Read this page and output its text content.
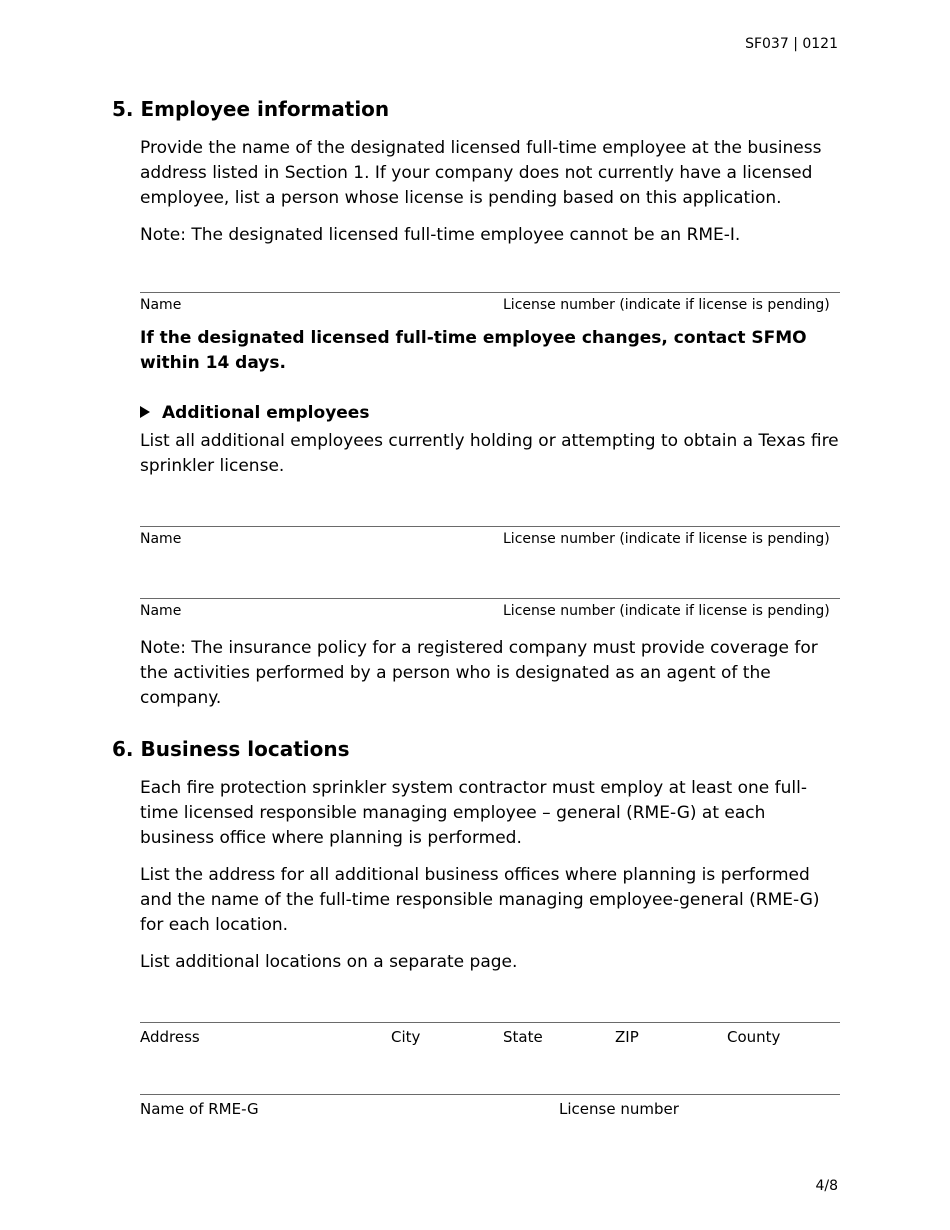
SF037 | 0121
5. Employee information

Provide the name of the designated licensed full-time employee at the business address listed in Section 1. If your company does not currently have a licensed employee, list a person whose license is pending based on this application.

Note: The designated licensed full-time employee cannot be an RME-I.

Name	License number (indicate if license is pending)

If the designated licensed full-time employee changes, contact SFMO within 14 days.

Additional employees

List all additional employees currently holding or attempting to obtain a Texas fire sprinkler license.

Name	License number (indicate if license is pending)
Name	License number (indicate if license is pending)

Note: The insurance policy for a registered company must provide coverage for the activities performed by a person who is designated as an agent of the company.

6. Business locations

Each fire protection sprinkler system contractor must employ at least one full-time licensed responsible managing employee – general (RME-G) at each business office where planning is performed.

List the address for all additional business offices where planning is performed and the name of the full-time responsible managing employee-general (RME-G) for each location.

List additional locations on a separate page.

Address	City	State	ZIP	County
Name of RME-G	License number
4/8
